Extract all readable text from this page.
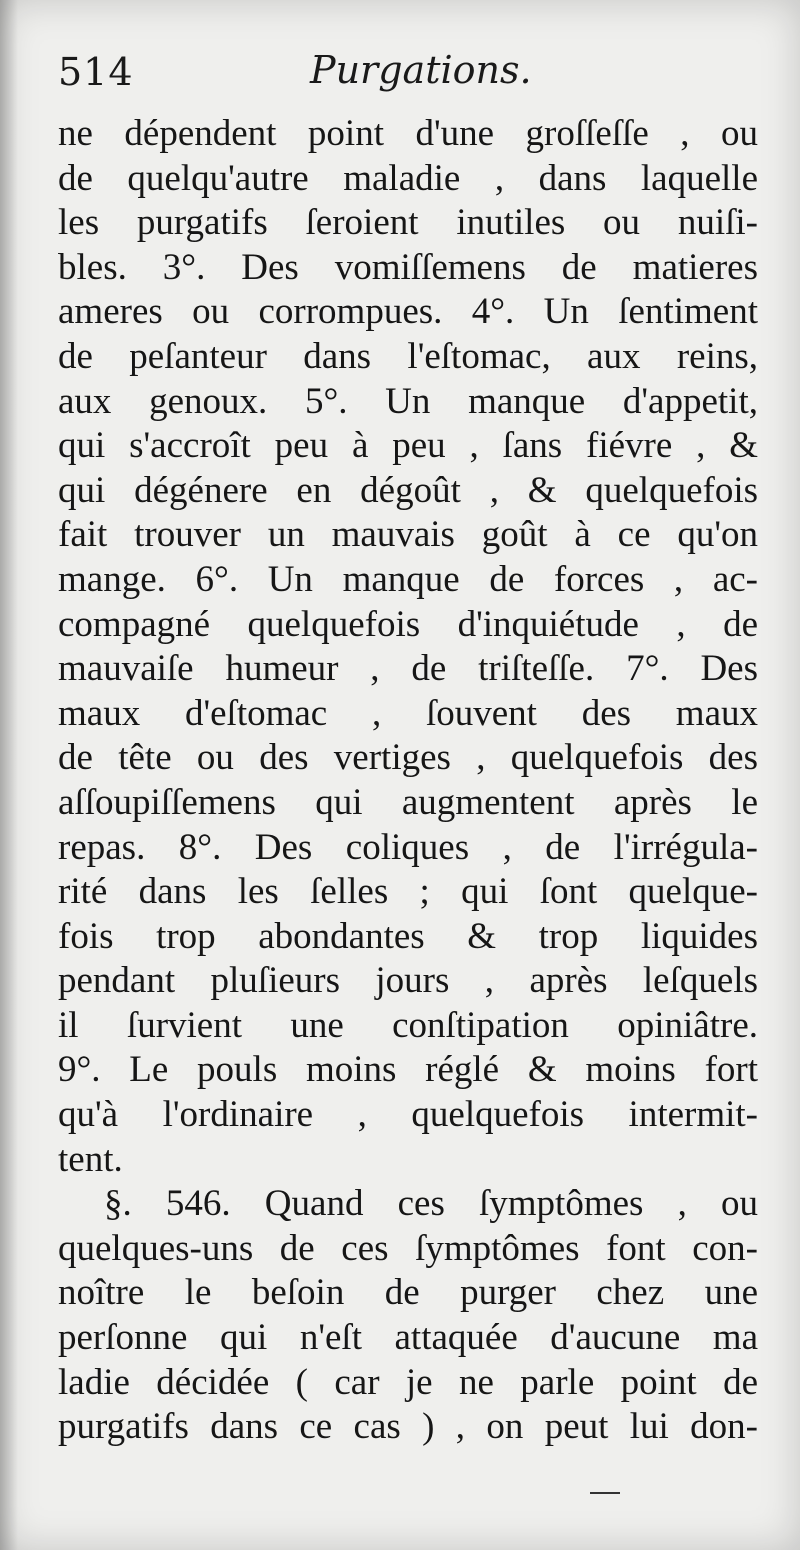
514	Purgations.
ne dépendent point d'une groſſeſſe , ou
de quelqu'autre maladie , dans laquelle
les purgatifs ſeroient inutiles ou nuiſi-
bles. 3°. Des vomiſſemens de matieres
ameres ou corrompues. 4°. Un ſentiment
de peſanteur dans l'eſtomac, aux reins,
aux genoux. 5°. Un manque d'appetit,
qui s'accroît peu à peu , ſans fiévre , &
qui dégénere en dégoût , & quelquefois
fait trouver un mauvais goût à ce qu'on
mange. 6°. Un manque de forces , ac-
compagné quelquefois d'inquiétude , de
mauvaiſe humeur , de triſteſſe. 7°. Des
maux d'eſtomac , ſouvent des maux
de tête ou des vertiges , quelquefois des
aſſoupiſſemens qui augmentent après le
repas. 8°. Des coliques , de l'irrégula-
rité dans les ſelles ; qui ſont quelque-
fois trop abondantes & trop liquides
pendant pluſieurs jours , après leſquels
il ſurvient une conſtipation opiniâtre.
9°. Le pouls moins réglé & moins fort
qu'à l'ordinaire , quelquefois intermit-
tent.
§. 546. Quand ces ſymptômes , ou
quelques-uns de ces ſymptômes font con-
noître le beſoin de purger chez une
perſonne qui n'eſt attaquée d'aucune ma
ladie décidée ( car je ne parle point de
purgatifs dans ce cas ) , on peut lui don-
